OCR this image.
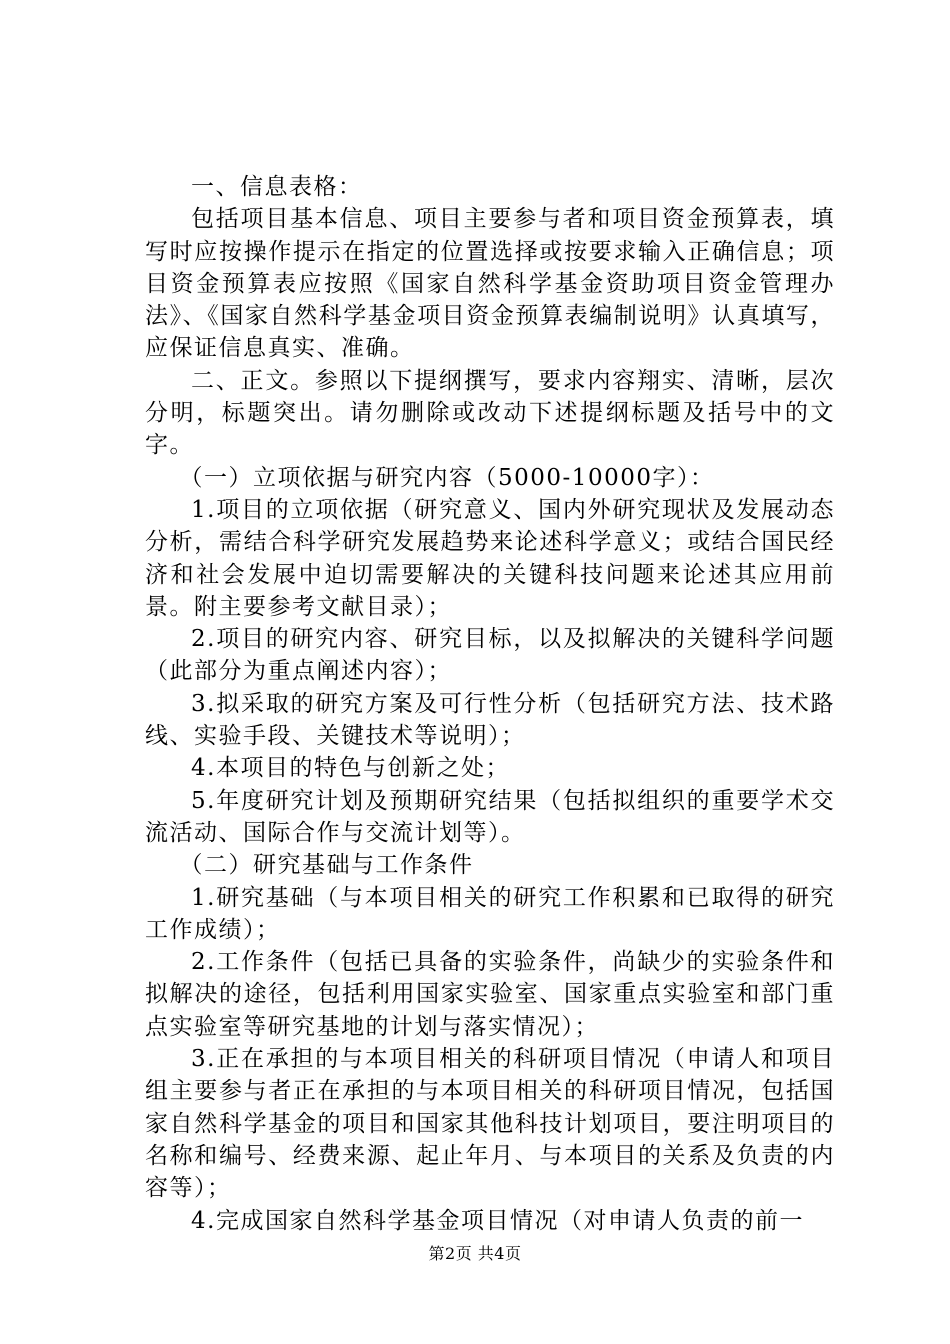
一、信息表格：

包括项目基本信息、项目主要参与者和项目资金预算表，填写时应按操作提示在指定的位置选择或按要求输入正确信息；项目资金预算表应按照《国家自然科学基金资助项目资金管理办法》、《国家自然科学基金项目资金预算表编制说明》认真填写，应保证信息真实、准确。

二、正文。参照以下提纲撰写，要求内容翔实、清晰，层次分明，标题突出。请勿删除或改动下述提纲标题及括号中的文字。

（一）立项依据与研究内容（5000-10000字）：

1.项目的立项依据（研究意义、国内外研究现状及发展动态分析，需结合科学研究发展趋势来论述科学意义；或结合国民经济和社会发展中迫切需要解决的关键科技问题来论述其应用前景。附主要参考文献目录）；

2.项目的研究内容、研究目标，以及拟解决的关键科学问题（此部分为重点阐述内容）；

3.拟采取的研究方案及可行性分析（包括研究方法、技术路线、实验手段、关键技术等说明）；

4.本项目的特色与创新之处；

5.年度研究计划及预期研究结果（包括拟组织的重要学术交流活动、国际合作与交流计划等）。

（二）研究基础与工作条件

1.研究基础（与本项目相关的研究工作积累和已取得的研究工作成绩）；

2.工作条件（包括已具备的实验条件，尚缺少的实验条件和拟解决的途径，包括利用国家实验室、国家重点实验室和部门重点实验室等研究基地的计划与落实情况）；

3.正在承担的与本项目相关的科研项目情况（申请人和项目组主要参与者正在承担的与本项目相关的科研项目情况，包括国家自然科学基金的项目和国家其他科技计划项目，要注明项目的名称和编号、经费来源、起止年月、与本项目的关系及负责的内容等）；

4.完成国家自然科学基金项目情况（对申请人负责的前一

第2页 共4页
